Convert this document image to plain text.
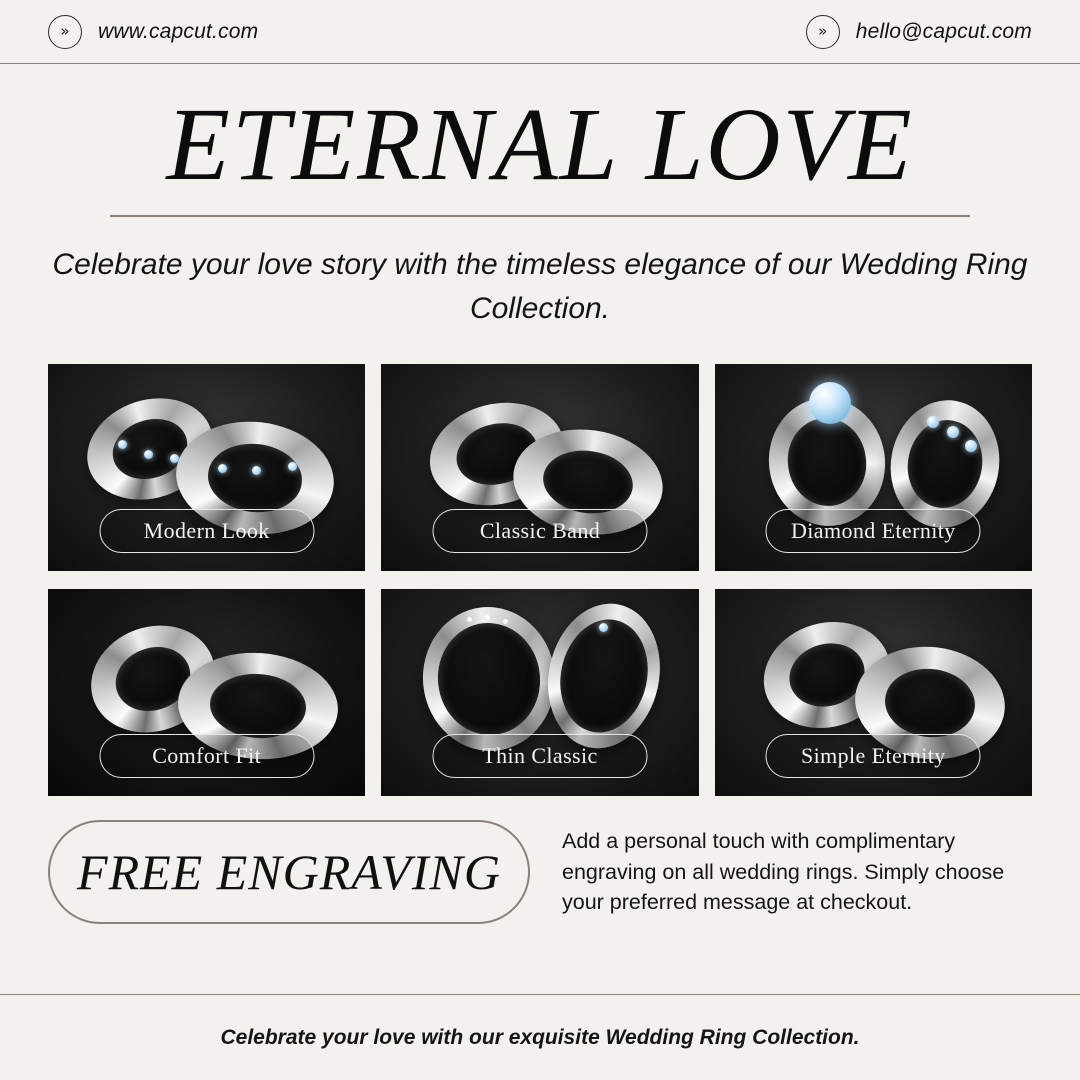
»	www.capcut.com	»	hello@capcut.com
ETERNAL LOVE
Celebrate your love story with the timeless elegance of our Wedding Ring Collection.
Modern Look	Classic Band	Diamond Eternity
Comfort Fit	Thin Classic	Simple Eternity
FREE ENGRAVING
Add a personal touch with complimentary engraving on all wedding rings. Simply choose your preferred message at checkout.
Celebrate your love with our exquisite Wedding Ring Collection.
